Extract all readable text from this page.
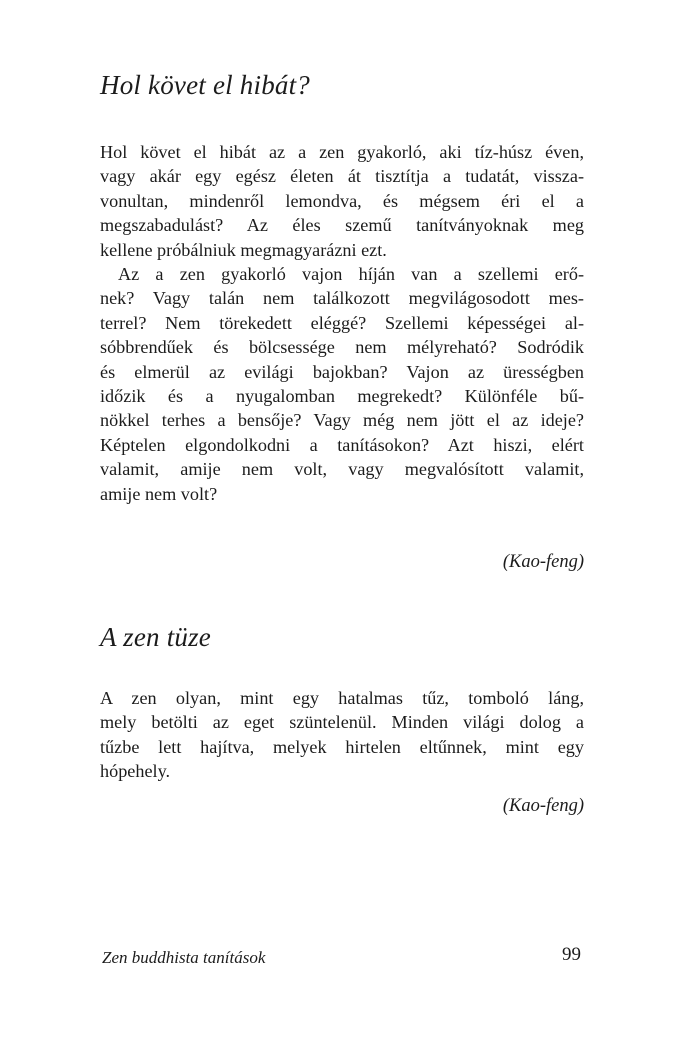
Hol követ el hibát?

Hol követ el hibát az a zen gyakorló, aki tíz-húsz éven,
vagy akár egy egész életen át tisztítja a tudatát, vissza-
vonultan, mindenről lemondva, és mégsem éri el a
megszabadulást? Az éles szemű tanítványoknak meg
kellene próbálniuk megmagyarázni ezt.

Az a zen gyakorló vajon híján van a szellemi erő-
nek? Vagy talán nem találkozott megvilágosodott mes-
terrel? Nem törekedett eléggé? Szellemi képességei al-
sóbbrendűek és bölcsessége nem mélyreható? Sodródik
és elmerül az evilági bajokban? Vajon az ürességben
időzik és a nyugalomban megrekedt? Különféle bű-
nökkel terhes a bensője? Vagy még nem jött el az ideje?
Képtelen elgondolkodni a tanításokon? Azt hiszi, elért
valamit, amije nem volt, vagy megvalósított valamit,
amije nem volt?

(Kao-feng)

A zen tüze

A zen olyan, mint egy hatalmas tűz, tomboló láng,
mely betölti az eget szüntelenül. Minden világi dolog a
tűzbe lett hajítva, melyek hirtelen eltűnnek, mint egy
hópehely.

(Kao-feng)

Zen buddhista tanítások	99
